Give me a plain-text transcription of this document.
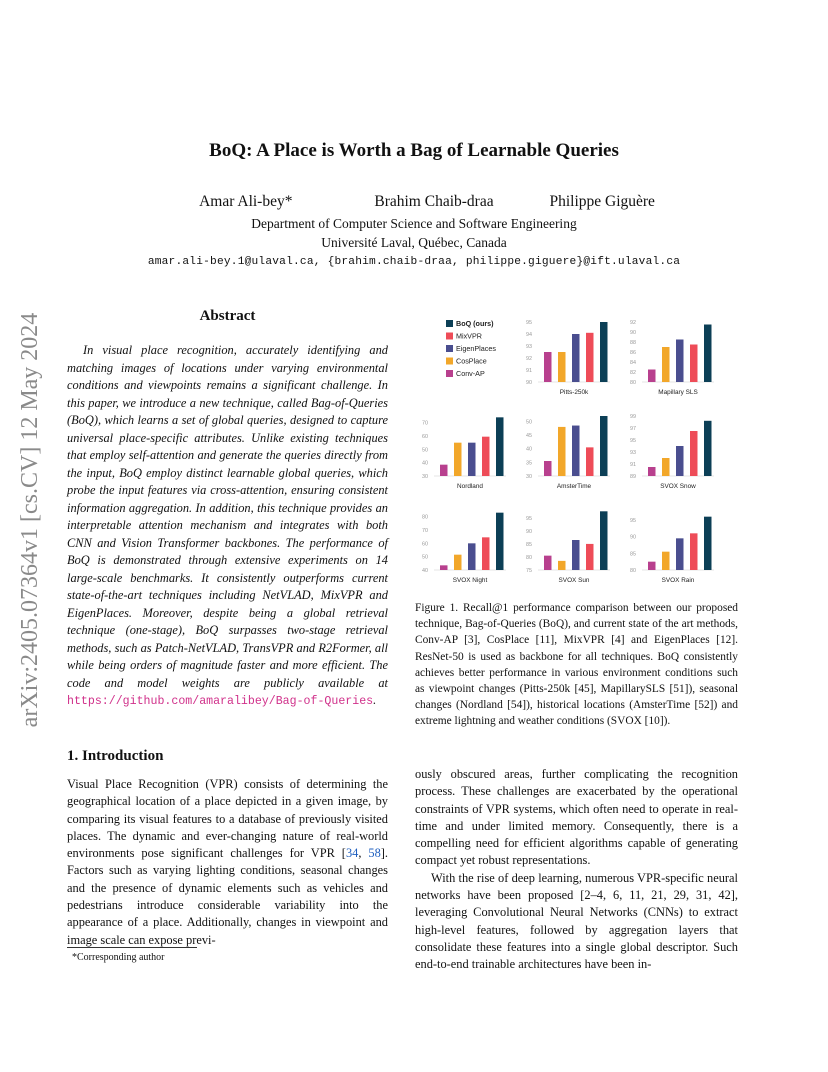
arXiv:2405.07364v1 [cs.CV] 12 May 2024
BoQ: A Place is Worth a Bag of Learnable Queries
Amar Ali-bey*	Brahim Chaib-draa	Philippe Giguère
Department of Computer Science and Software Engineering
Université Laval, Québec, Canada
amar.ali-bey.1@ulaval.ca, {brahim.chaib-draa, philippe.giguere}@ift.ulaval.ca
Abstract

In visual place recognition, accurately identifying and matching images of locations under varying environmental conditions and viewpoints remains a significant challenge. In this paper, we introduce a new technique, called Bag-of-Queries (BoQ), which learns a set of global queries, designed to capture universal place-specific attributes. Unlike existing techniques that employ self-attention and generate the queries directly from the input, BoQ employ distinct learnable global queries, which probe the input features via cross-attention, ensuring consistent information aggregation. In addition, this technique provides an interpretable attention mechanism and integrates with both CNN and Vision Transformer backbones. The performance of BoQ is demonstrated through extensive experiments on 14 large-scale benchmarks. It consistently outperforms current state-of-the-art techniques including NetVLAD, MixVPR and EigenPlaces. Moreover, despite being a global retrieval technique (one-stage), BoQ surpasses two-stage retrieval methods, such as Patch-NetVLAD, TransVPR and R2Former, all while being orders of magnitude faster and more efficient. The code and model weights are publicly available at https://github.com/amaralibey/Bag-of-Queries.

BoQ (ours)
MixVPR
EigenPlaces
CosPlace
Conv-AP
90
91
92
93
94
95
Pitts-250k
80
82
84
86
88
90
92
Mapillary SLS
30
40
50
60
70
Nordland
30
35
40
45
50
AmsterTime
89
91
93
95
97
99
SVOX Snow
40
50
60
70
80
SVOX Night
75
80
85
90
95
SVOX Sun
80
85
90
95
SVOX Rain

Figure 1. Recall@1 performance comparison between our proposed technique, Bag-of-Queries (BoQ), and current state of the art methods, Conv-AP [3], CosPlace [11], MixVPR [4] and EigenPlaces [12]. ResNet-50 is used as backbone for all techniques. BoQ consistently achieves better performance in various environment conditions such as viewpoint changes (Pitts-250k [45], MapillarySLS [51]), seasonal changes (Nordland [54]), historical locations (AmsterTime [52]) and extreme lightning and weather conditions (SVOX [10]).

1. Introduction

Visual Place Recognition (VPR) consists of determining the geographical location of a place depicted in a given image, by comparing its visual features to a database of previously visited places. The dynamic and ever-changing nature of real-world environments pose significant challenges for VPR [34, 58]. Factors such as varying lighting conditions, seasonal changes and the presence of dynamic elements such as vehicles and pedestrians introduce considerable variability into the appearance of a place. Additionally, changes in viewpoint and image scale can expose previ-

*Corresponding author

ously obscured areas, further complicating the recognition process. These challenges are exacerbated by the operational constraints of VPR systems, which often need to operate in real-time and under limited memory. Consequently, there is a compelling need for efficient algorithms capable of generating compact yet robust representations.

With the rise of deep learning, numerous VPR-specific neural networks have been proposed [2–4, 6, 11, 21, 29, 31, 42], leveraging Convolutional Neural Networks (CNNs) to extract high-level features, followed by aggregation layers that consolidate these features into a single global descriptor. Such end-to-end trainable architectures have been in-
